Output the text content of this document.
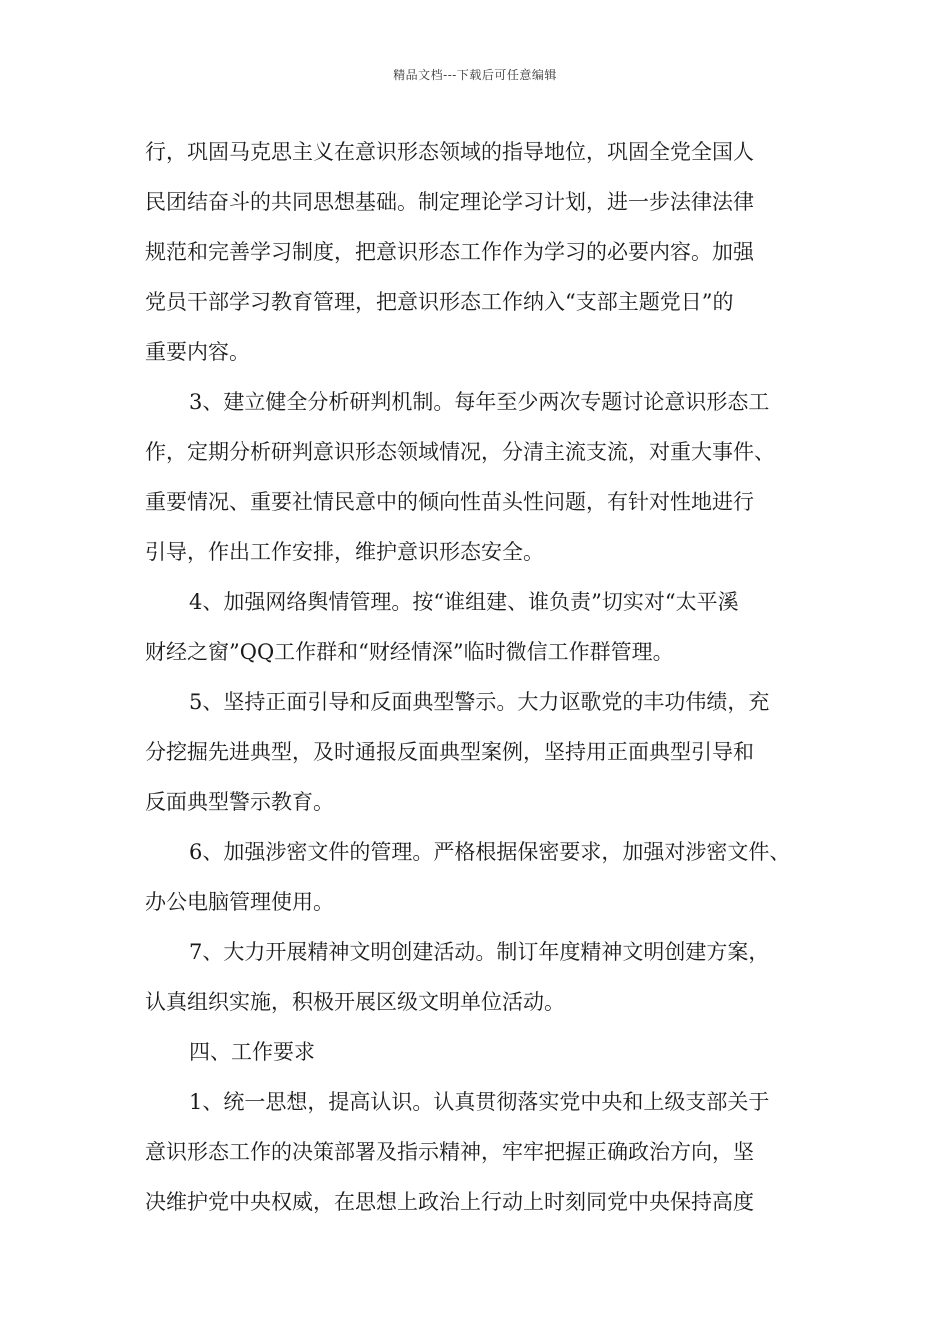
精品文档---下载后可任意编辑
行，巩固马克思主义在意识形态领域的指导地位，巩固全党全国人
民团结奋斗的共同思想基础。制定理论学习计划，进一步法律法律
规范和完善学习制度，把意识形态工作作为学习的必要内容。加强
党员干部学习教育管理，把意识形态工作纳入“支部主题党日”的
重要内容。
3、建立健全分析研判机制。每年至少两次专题讨论意识形态工
作，定期分析研判意识形态领域情况，分清主流支流，对重大事件、
重要情况、重要社情民意中的倾向性苗头性问题，有针对性地进行
引导，作出工作安排，维护意识形态安全。
4、加强网络舆情管理。按“谁组建、谁负责”切实对“太平溪
财经之窗”QQ工作群和“财经情深”临时微信工作群管理。
5、坚持正面引导和反面典型警示。大力讴歌党的丰功伟绩，充
分挖掘先进典型，及时通报反面典型案例，坚持用正面典型引导和
反面典型警示教育。
6、加强涉密文件的管理。严格根据保密要求，加强对涉密文件、
办公电脑管理使用。
7、大力开展精神文明创建活动。制订年度精神文明创建方案，
认真组织实施，积极开展区级文明单位活动。
四、工作要求
1、统一思想，提高认识。认真贯彻落实党中央和上级支部关于
意识形态工作的决策部署及指示精神，牢牢把握正确政治方向，坚
决维护党中央权威，在思想上政治上行动上时刻同党中央保持高度
